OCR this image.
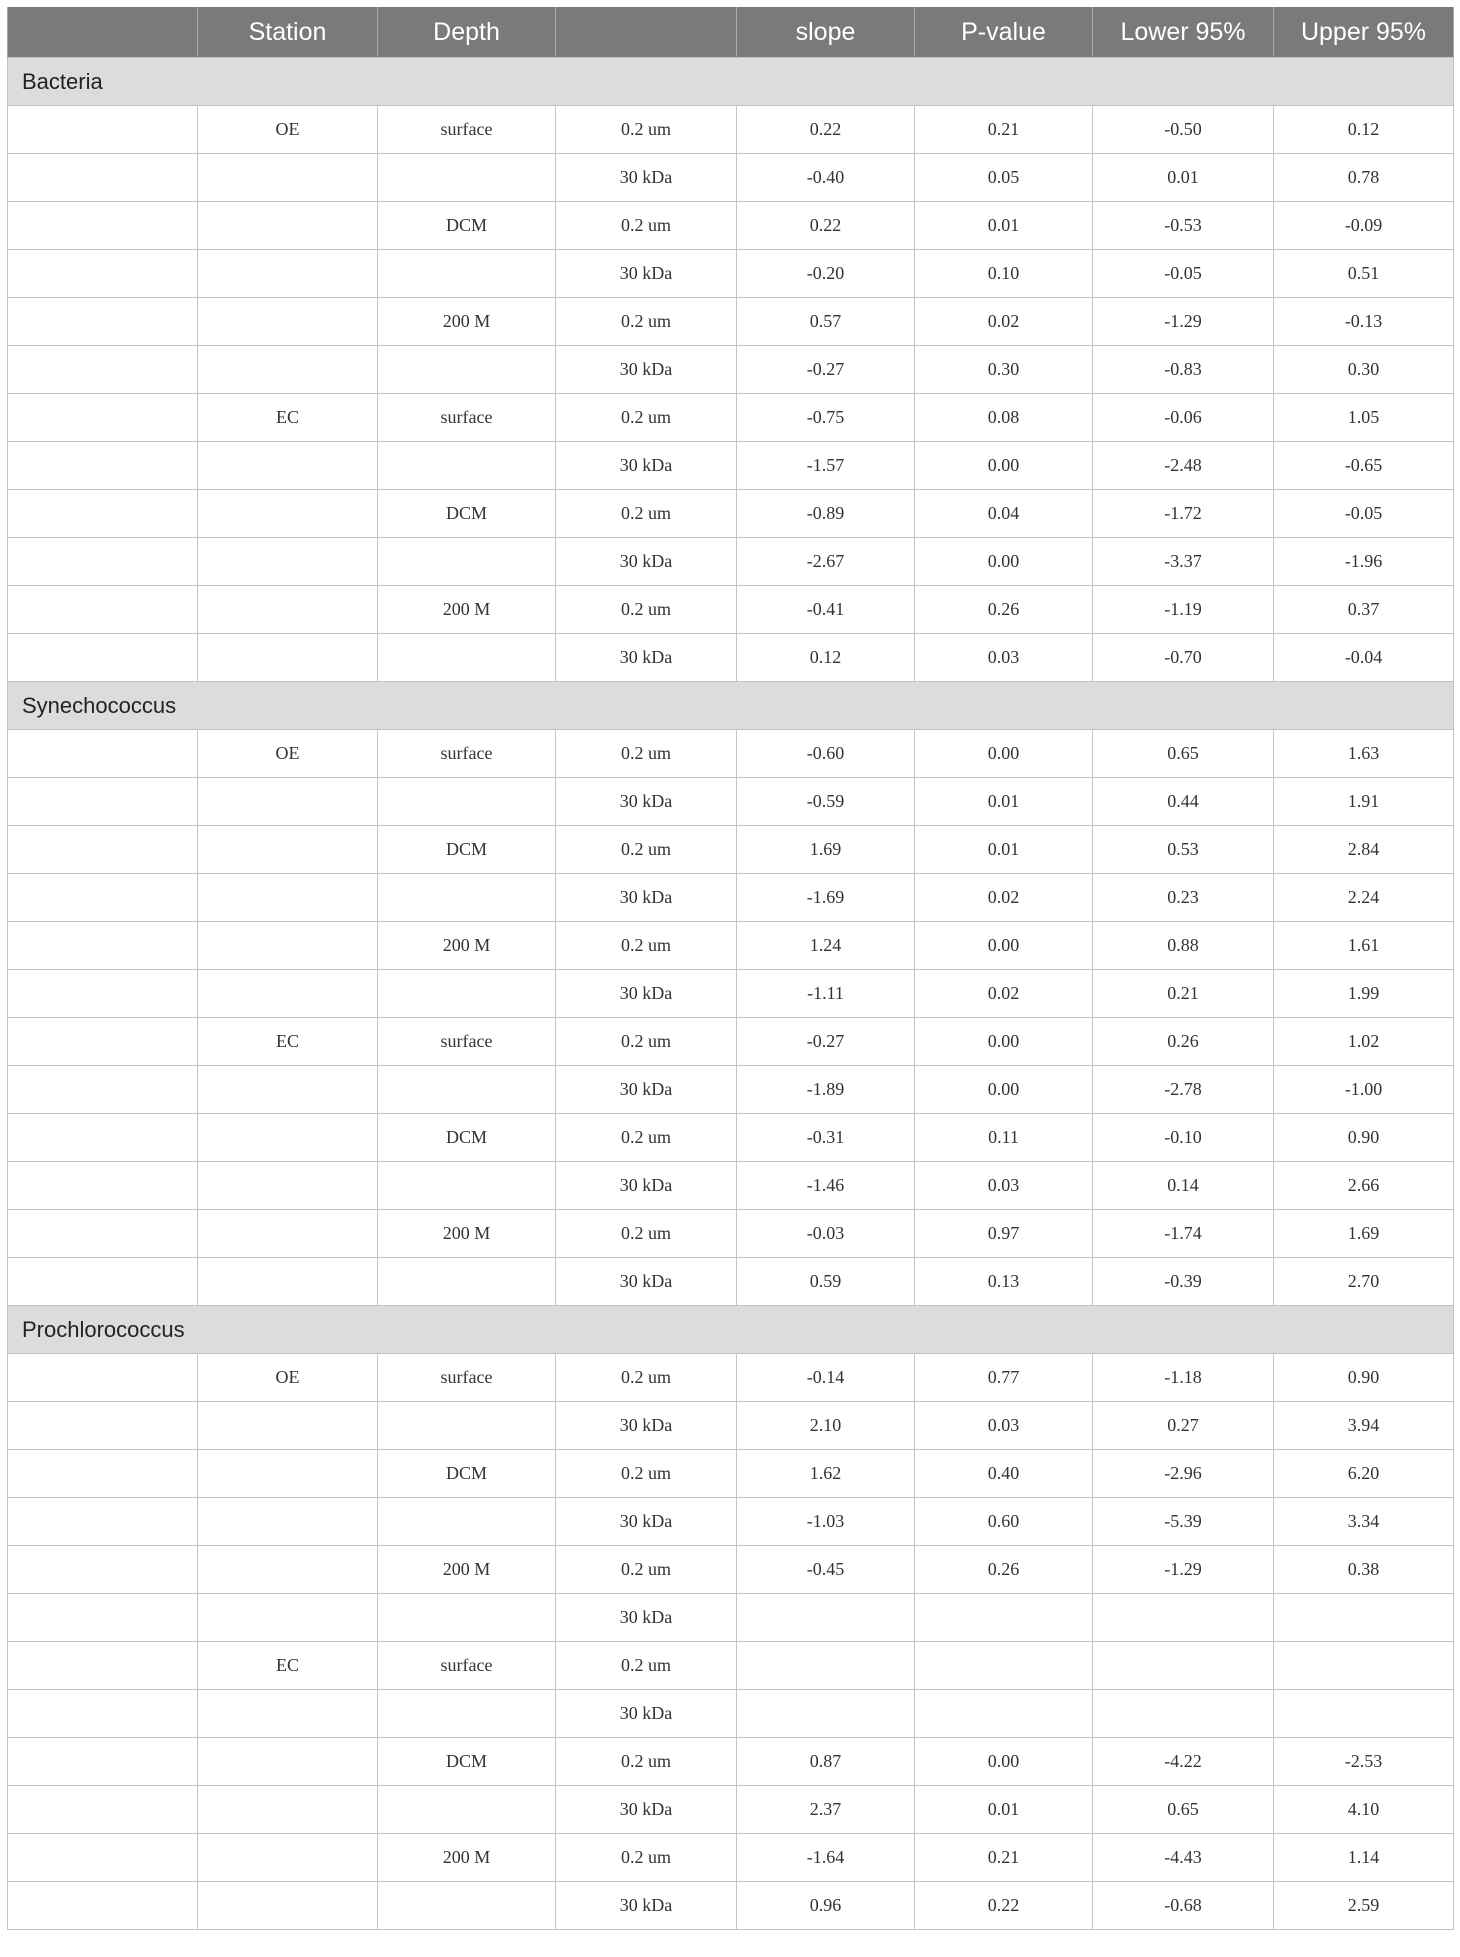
	Station	Depth		slope	P-value	Lower 95%	Upper 95%
Bacteria							
	OE	surface	0.2 um	0.22	0.21	-0.50	0.12
			30 kDa	-0.40	0.05	0.01	0.78
		DCM	0.2 um	0.22	0.01	-0.53	-0.09
			30 kDa	-0.20	0.10	-0.05	0.51
		200 M	0.2 um	0.57	0.02	-1.29	-0.13
			30 kDa	-0.27	0.30	-0.83	0.30
	EC	surface	0.2 um	-0.75	0.08	-0.06	1.05
			30 kDa	-1.57	0.00	-2.48	-0.65
		DCM	0.2 um	-0.89	0.04	-1.72	-0.05
			30 kDa	-2.67	0.00	-3.37	-1.96
		200 M	0.2 um	-0.41	0.26	-1.19	0.37
			30 kDa	0.12	0.03	-0.70	-0.04
Synechococcus							
	OE	surface	0.2 um	-0.60	0.00	0.65	1.63
			30 kDa	-0.59	0.01	0.44	1.91
		DCM	0.2 um	1.69	0.01	0.53	2.84
			30 kDa	-1.69	0.02	0.23	2.24
		200 M	0.2 um	1.24	0.00	0.88	1.61
			30 kDa	-1.11	0.02	0.21	1.99
	EC	surface	0.2 um	-0.27	0.00	0.26	1.02
			30 kDa	-1.89	0.00	-2.78	-1.00
		DCM	0.2 um	-0.31	0.11	-0.10	0.90
			30 kDa	-1.46	0.03	0.14	2.66
		200 M	0.2 um	-0.03	0.97	-1.74	1.69
			30 kDa	0.59	0.13	-0.39	2.70
Prochlorococcus							
	OE	surface	0.2 um	-0.14	0.77	-1.18	0.90
			30 kDa	2.10	0.03	0.27	3.94
		DCM	0.2 um	1.62	0.40	-2.96	6.20
			30 kDa	-1.03	0.60	-5.39	3.34
		200 M	0.2 um	-0.45	0.26	-1.29	0.38
			30 kDa				
	EC	surface	0.2 um				
			30 kDa				
		DCM	0.2 um	0.87	0.00	-4.22	-2.53
			30 kDa	2.37	0.01	0.65	4.10
		200 M	0.2 um	-1.64	0.21	-4.43	1.14
			30 kDa	0.96	0.22	-0.68	2.59
